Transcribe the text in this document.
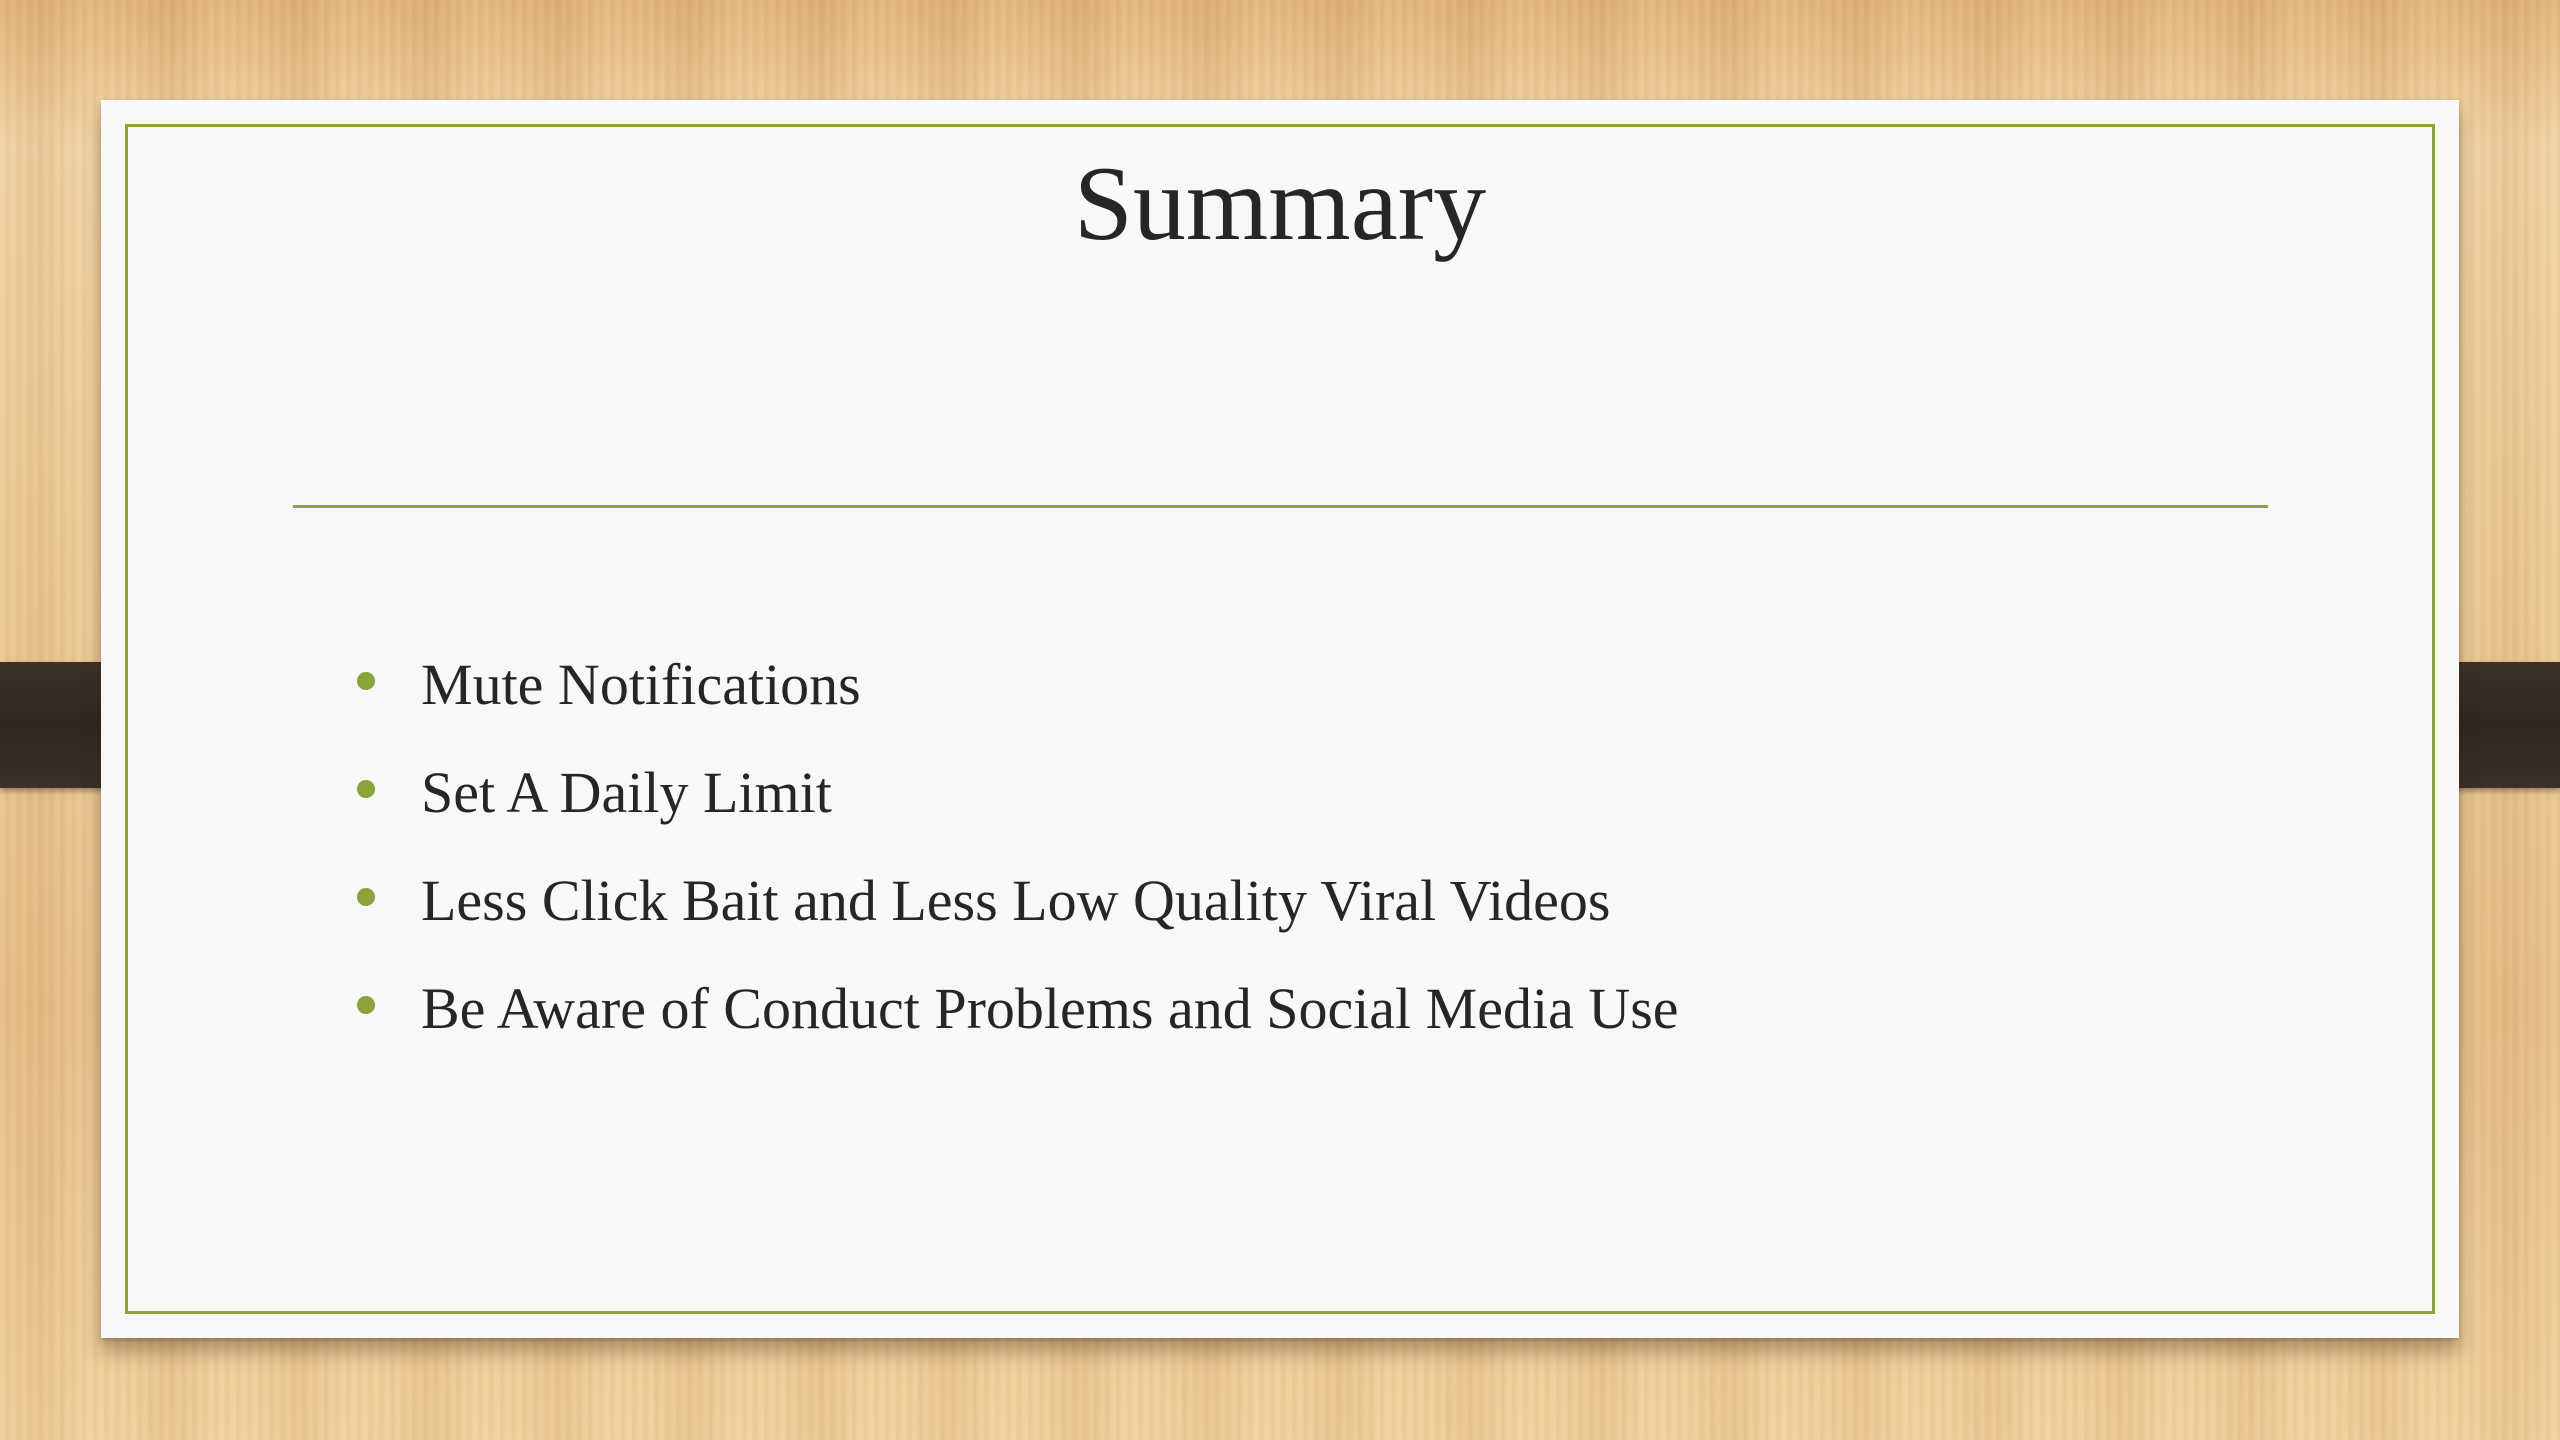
Summary
Mute Notifications
Set A Daily Limit
Less Click Bait and Less Low Quality Viral Videos
Be Aware of Conduct Problems and Social Media Use
